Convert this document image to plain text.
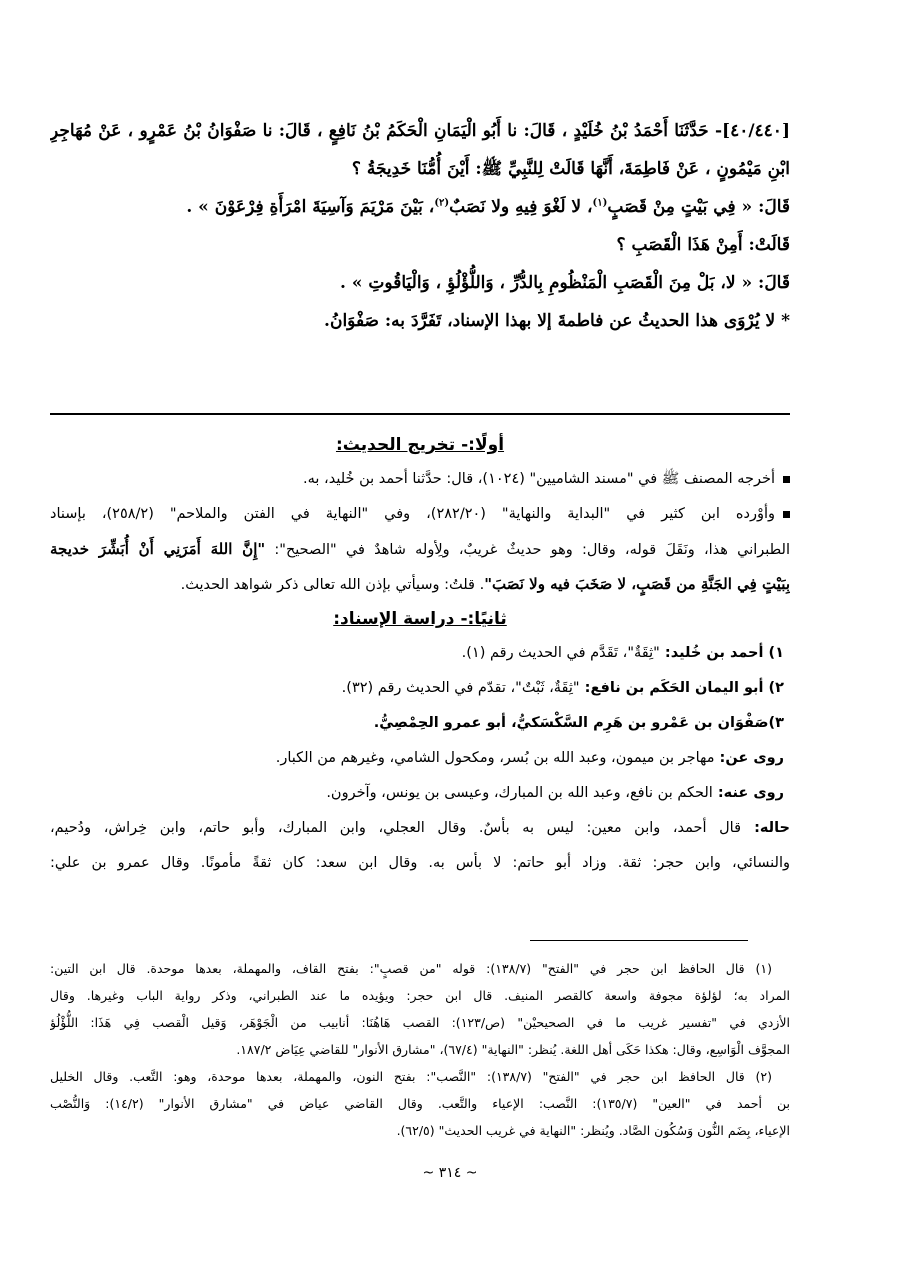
[٤٠/٤٤٠]- حَدَّثَنَا أَحْمَدُ بْنُ خُلَيْدٍ ، قَالَ: نا أَبُو الْيَمَانِ الْحَكَمُ بْنُ نَافِعٍ ، قَالَ: نا صَفْوَانُ بْنُ عَمْرٍو ، عَنْ مُهَاجِرِ
ابْنِ مَيْمُونٍ ، عَنْ فَاطِمَةَ، أَنَّهَا قَالَتْ لِلنَّبِيِّ ﷺ: أَيْنَ أُمُّنَا خَدِيجَةُ ؟
قَالَ: « فِي بَيْتٍ مِنْ قَصَبٍ$^{(١)}$، لا لَغْوَ فِيهِ ولا نَصَبٌ$^{(٢)}$، بَيْنَ مَرْيَمَ وَآسِيَةَ امْرَأَةِ فِرْعَوْنَ » .
قَالَتْ: أَمِنْ هَذَا الْقَصَبِ ؟
قَالَ: « لا، بَلْ مِنَ الْقَصَبِ الْمَنْظُومِ بِالدُّرِّ ، وَاللُّؤْلُؤِ ، وَالْيَاقُوتِ » .
* لا يُرْوَى هذا الحديثُ عن فاطمةَ إلا بهذا الإسناد، تَفَرَّدَ به: صَفْوَانُ.
أولًا:- تخريج الحديث:
أخرجه المصنف ﷺ في "مسند الشاميين" (١٠٢٤)، قال: حدَّثنا أحمد بن خُليد، به.
وأوْرده ابن كثير في "البداية والنهاية" (٢٨٢/٢٠)، وفي "النهاية في الفتن والملاحم" (٢٥٨/٢)، بإسناد
الطبراني هذا، ونَقَلَ قوله، وقال: وهو حديثٌ غريبٌ، ولِأوله شاهدٌ في "الصحيح": "إِنَّ اللهَ أَمَرَنِي أَنْ أُبَشِّرَ خديجة
بِبَيْتٍ فِي الجَنَّةِ من قَصَبٍ، لا صَخَبَ فيه ولا نَصَبَ". قلتُ: وسيأتي بإذن الله تعالى ذكر شواهد الحديث.
ثانيًا:- دراسة الإسناد:
١) أحمد بن خُليد: "ثِقَةٌ"، تَقَدَّم في الحديث رقم (١).
٢) أبو اليمان الحَكَم بن نافع: "ثِقَةٌ، ثَبْتٌ"، تقدّم في الحديث رقم (٣٢).
٣)صَفْوَان بن عَمْرو بن هَرِم السَّكْسَكيُّ، أبو عمرو الحِمْصِيُّ.
روى عن: مهاجر بن ميمون، وعبد الله بن بُسر، ومكحول الشامي، وغيرهم من الكبار.
روى عنه: الحكم بن نافع، وعبد الله بن المبارك، وعيسى بن يونس، وآخرون.
حاله: قال أحمد، وابن معين: ليس به بأسٌ. وقال العجلي، وابن المبارك، وأبو حاتم، وابن خِراش، ودُحيم،
والنسائي، وابن حجر: ثقة. وزاد أبو حاتم: لا بأس به. وقال ابن سعد: كان ثقةً مأمونًا. وقال عمرو بن علي:
(١) قال الحافظ ابن حجر في "الفتح" (١٣٨/٧): قوله "من قصبٍ": بفتح القاف، والمهملة، بعدها موحدة. قال ابن التين:
المراد به؛ لؤلؤة مجوفة واسعة كالقصر المنيف. قال ابن حجر: ويؤيده ما عند الطبراني، وذكر رواية الباب وغيرها. وقال
الأزدي في "تفسير غريب ما في الصحيحيْن" (ص/١٢٣): القصب هَاهُنَا: أنابيب من الْجَوْهَر، وَقيل الْقصب فِي هَذَا: اللُّؤْلُؤ
المجوَّف الْوَاسِع، وقال: هكذا حَكَى أهل اللغة. يُنظر: "النهاية" (٦٧/٤)، "مشارق الأنوار" للقاضي عِيَاض ١٨٧/٢.
(٢) قال الحافظ ابن حجر في "الفتح" (١٣٨/٧): "النَّصب": بفتح النون، والمهملة، بعدها موحدة، وهو: التَّعب. وقال الخليل
بن أحمد في "العين" (١٣٥/٧): النَّصب: الإعياء والتَّعب. وقال القاضي عياض في "مشارق الأنوار" (١٤/٢): وَالنُّصْب
الإعياء، بِضَم النُّون وَسُكُون الصَّاد. ويُنظر: "النهاية في غريب الحديث" (٦٢/٥).
~ ٣١٤ ~
